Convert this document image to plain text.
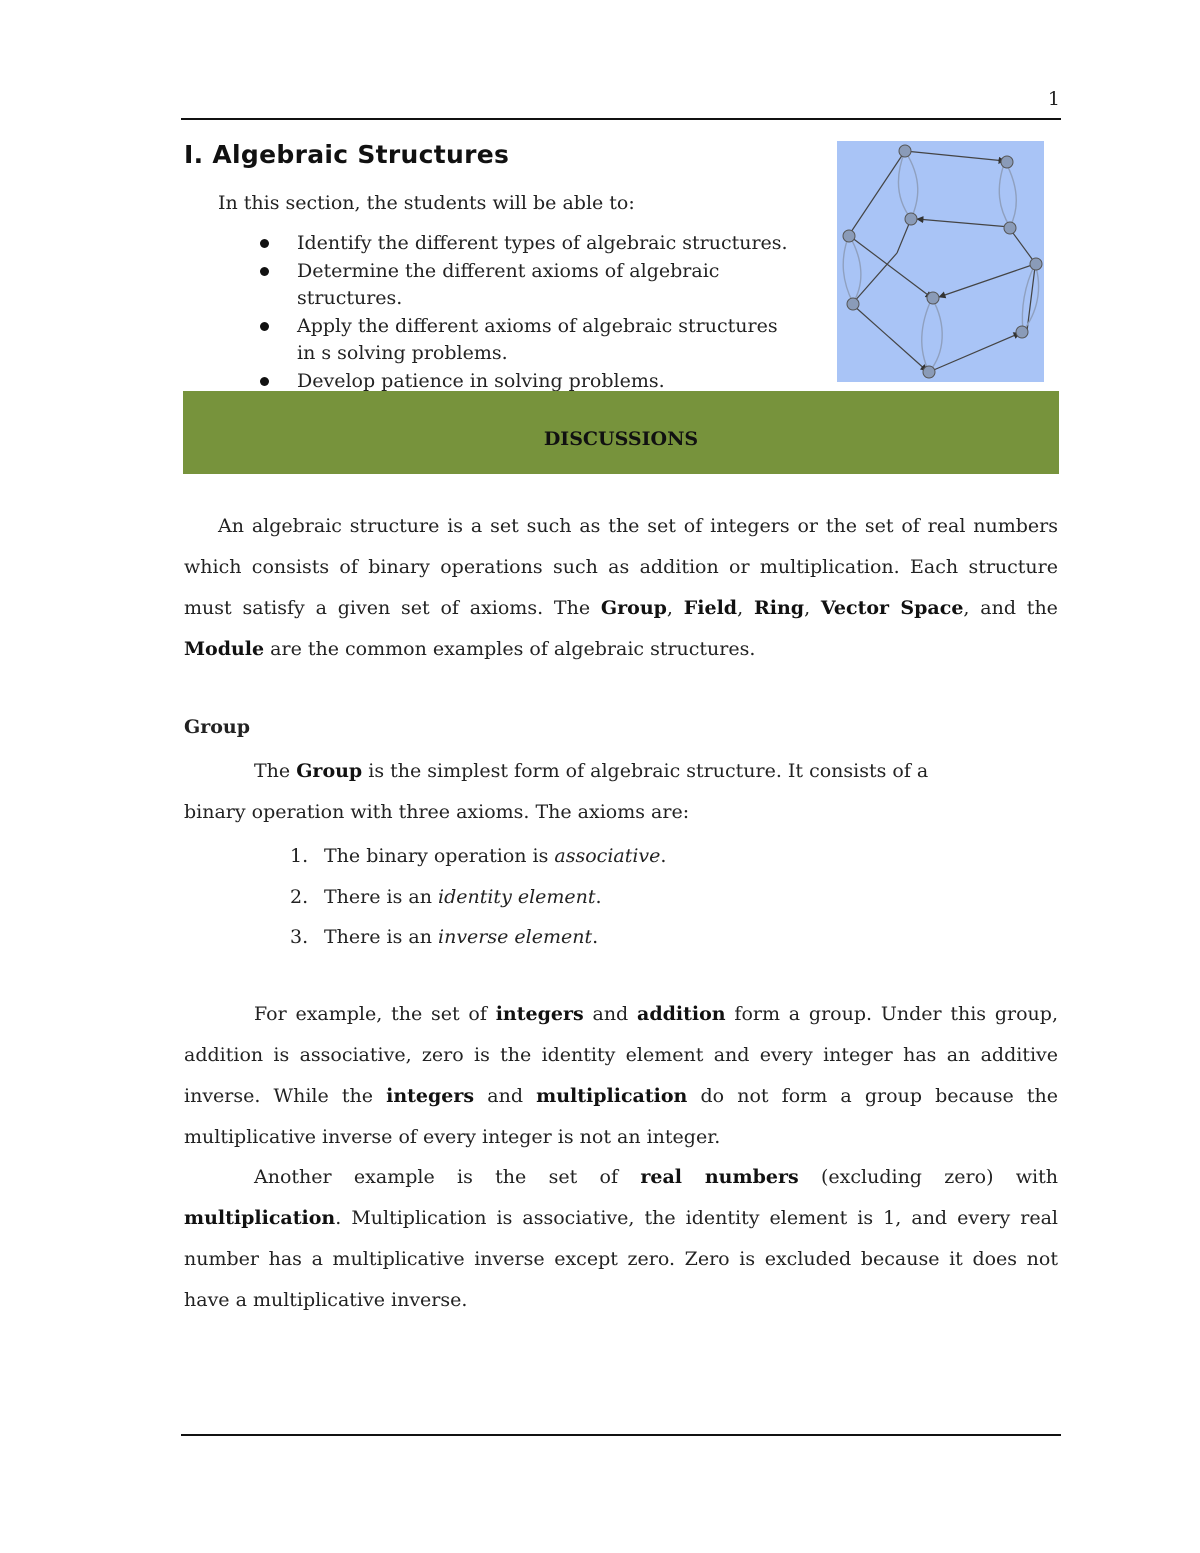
1
I. Algebraic Structures

In this section, the students will be able to:

Identify the different types of algebraic structures.
Determine the different axioms of algebraic structures.
Apply the different axioms of algebraic structures
in s solving problems.
Develop patience in solving problems.
DISCUSSIONS

An algebraic structure is a set such as the set of integers or the set of real numbers which consists of binary operations such as addition or multiplication. Each structure must satisfy a given set of axioms. The Group, Field, Ring, Vector Space, and the Module are the common examples of algebraic structures.

Group

The Group is the simplest form of algebraic structure. It consists of a binary operation with three axioms. The axioms are:

1. The binary operation is associative.
2. There is an identity element.
3. There is an inverse element.

For example, the set of integers and addition form a group. Under this group, addition is associative, zero is the identity element and every integer has an additive inverse. While the integers and multiplication do not form a group because the multiplicative inverse of every integer is not an integer.

Another example is the set of real numbers (excluding zero) with multiplication. Multiplication is associative, the identity element is 1, and every real number has a multiplicative inverse except zero. Zero is excluded because it does not have a multiplicative inverse.
